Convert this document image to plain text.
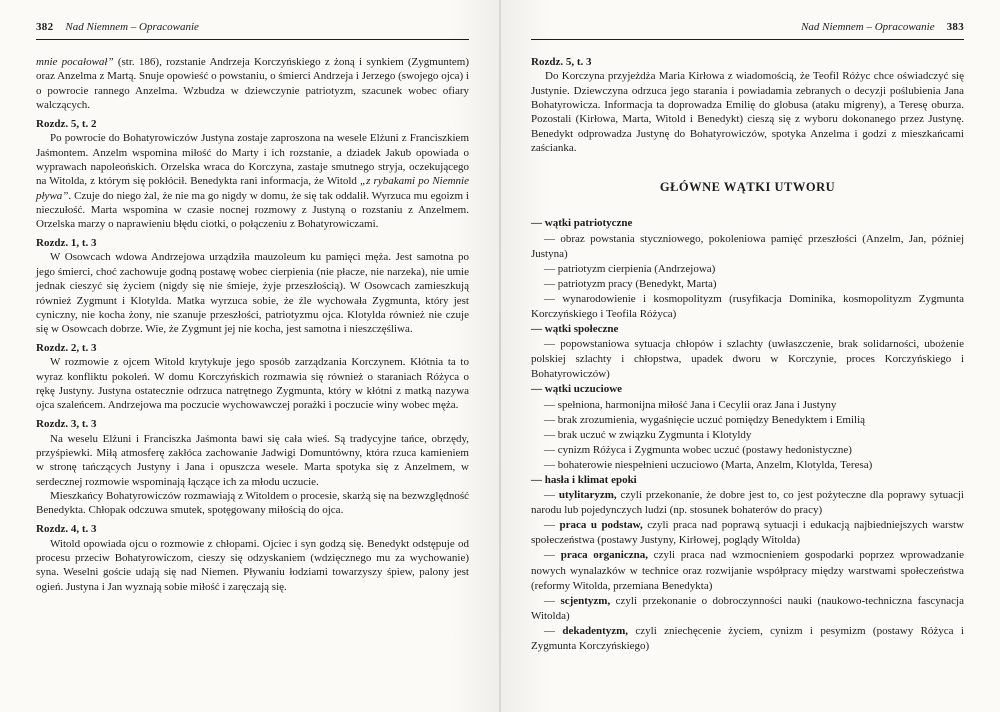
382 Nad Niemnem – Opracowanie

mnie pocałował” (str. 186), rozstanie Andrzeja Korczyńskiego z żoną i synkiem (Zygmuntem) oraz Anzelma z Martą. Snuje opowieść o powstaniu, o śmierci Andrzeja i Jerzego (swojego ojca) i o powrocie rannego Anzelma. Wzbudza w dziewczynie patriotyzm, szacunek wobec ofiary walczących.

Rozdz. 5, t. 2

Po powrocie do Bohatyrowiczów Justyna zostaje zaproszona na wesele Elżuni z Franciszkiem Jaśmontem. Anzelm wspomina miłość do Marty i ich rozstanie, a dziadek Jakub opowiada o wyprawach napoleońskich. Orzelska wraca do Korczyna, zastaje smutnego stryja, oczekującego na Witolda, z którym się pokłócił. Benedykta rani informacja, że Witold „z rybakami po Niemnie pływa”. Czuje do niego żal, że nie ma go nigdy w domu, że się tak oddalił. Wyrzuca mu egoizm i nieczułość. Marta wspomina w czasie nocnej rozmowy z Justyną o rozstaniu z Anzelmem. Orzelska marzy o naprawieniu błędu ciotki, o połączeniu z Bohatyrowiczami.

Rozdz. 1, t. 3

W Osowcach wdowa Andrzejowa urządziła mauzoleum ku pamięci męża. Jest samotna po jego śmierci, choć zachowuje godną postawę wobec cierpienia (nie płacze, nie narzeka), nie umie jednak cieszyć się życiem (nigdy się nie śmieje, żyje przeszłością). W Osowcach zamieszkują również Zygmunt i Klotylda. Matka wyrzuca sobie, że źle wychowała Zygmunta, który jest cyniczny, nie kocha żony, nie szanuje przeszłości, patriotyzmu ojca. Klotylda również nie czuje się w Osowcach dobrze. Wie, że Zygmunt jej nie kocha, jest samotna i nieszczęśliwa.

Rozdz. 2, t. 3

W rozmowie z ojcem Witold krytykuje jego sposób zarządzania Korczynem. Kłótnia ta to wyraz konfliktu pokoleń. W domu Korczyńskich rozmawia się również o staraniach Różyca o rękę Justyny. Justyna ostatecznie odrzuca natrętnego Zygmunta, który w kłótni z matką nazywa ojca szaleńcem. Andrzejowa ma poczucie wychowawczej porażki i poczucie winy wobec męża.

Rozdz. 3, t. 3

Na weselu Elżuni i Franciszka Jaśmonta bawi się cała wieś. Są tradycyjne tańce, obrzędy, przyśpiewki. Miłą atmosferę zakłóca zachowanie Jadwigi Domuntówny, która rzuca kamieniem w stronę tańczących Justyny i Jana i opuszcza wesele. Marta spotyka się z Anzelmem, w serdecznej rozmowie wspominają łączące ich za młodu uczucie.

Mieszkańcy Bohatyrowiczów rozmawiają z Witoldem o procesie, skarżą się na bezwzględność Benedykta. Chłopak odczuwa smutek, spotęgowany miłością do ojca.

Rozdz. 4, t. 3

Witold opowiada ojcu o rozmowie z chłopami. Ojciec i syn godzą się. Benedykt odstępuje od procesu przeciw Bohatyrowiczom, cieszy się odzyskaniem (wdzięcznego mu za wychowanie) syna. Weselni goście udają się nad Niemen. Pływaniu łodziami towarzyszy śpiew, palony jest ogień. Justyna i Jan wyznają sobie miłość i zaręczają się.

Nad Niemnem – Opracowanie 383
Rozdz. 5, t. 3

Do Korczyna przyjeżdża Maria Kirłowa z wiadomością, że Teofil Różyc chce oświadczyć się Justynie. Dziewczyna odrzuca jego starania i powiadamia zebranych o decyzji poślubienia Jana Bohatyrowicza. Informacja ta doprowadza Emilię do globusa (ataku migreny), a Teresę oburza. Pozostali (Kirłowa, Marta, Witold i Benedykt) cieszą się z wyboru dokonanego przez Justynę. Benedykt odprowadza Justynę do Bohatyrowiczów, spotyka Anzelma i godzi z mieszkańcami zaścianka.

GŁÓWNE WĄTKI UTWORU

— wątki patriotyczne

— obraz powstania styczniowego, pokoleniowa pamięć przeszłości (Anzelm, Jan, później Justyna)

— patriotyzm cierpienia (Andrzejowa)

— patriotyzm pracy (Benedykt, Marta)

— wynarodowienie i kosmopolityzm (rusyfikacja Dominika, kosmopolityzm Zygmunta Korczyńskiego i Teofila Różyca)

— wątki społeczne

— popowstaniowa sytuacja chłopów i szlachty (uwłaszczenie, brak solidarności, ubożenie polskiej szlachty i chłopstwa, upadek dworu w Korczynie, proces Korczyńskiego i Bohatyrowiczów)

— wątki uczuciowe

— spełniona, harmonijna miłość Jana i Cecylii oraz Jana i Justyny

— brak zrozumienia, wygaśnięcie uczuć pomiędzy Benedyktem i Emilią

— brak uczuć w związku Zygmunta i Klotyldy

— cynizm Różyca i Zygmunta wobec uczuć (postawy hedonistyczne)

— bohaterowie niespełnieni uczuciowo (Marta, Anzelm, Klotylda, Teresa)

— hasła i klimat epoki

— utylitaryzm, czyli przekonanie, że dobre jest to, co jest pożyteczne dla poprawy sytuacji narodu lub pojedynczych ludzi (np. stosunek bohaterów do pracy)

— praca u podstaw, czyli praca nad poprawą sytuacji i edukacją najbiedniejszych warstw społeczeństwa (postawy Justyny, Kirłowej, poglądy Witolda)

— praca organiczna, czyli praca nad wzmocnieniem gospodarki poprzez wprowadzanie nowych wynalazków w technice oraz rozwijanie współpracy między warstwami społeczeństwa (reformy Witolda, przemiana Benedykta)

— scjentyzm, czyli przekonanie o dobroczynności nauki (naukowo-techniczna fascynacja Witolda)

— dekadentyzm, czyli zniechęcenie życiem, cynizm i pesymizm (postawy Różyca i Zygmunta Korczyńskiego)
